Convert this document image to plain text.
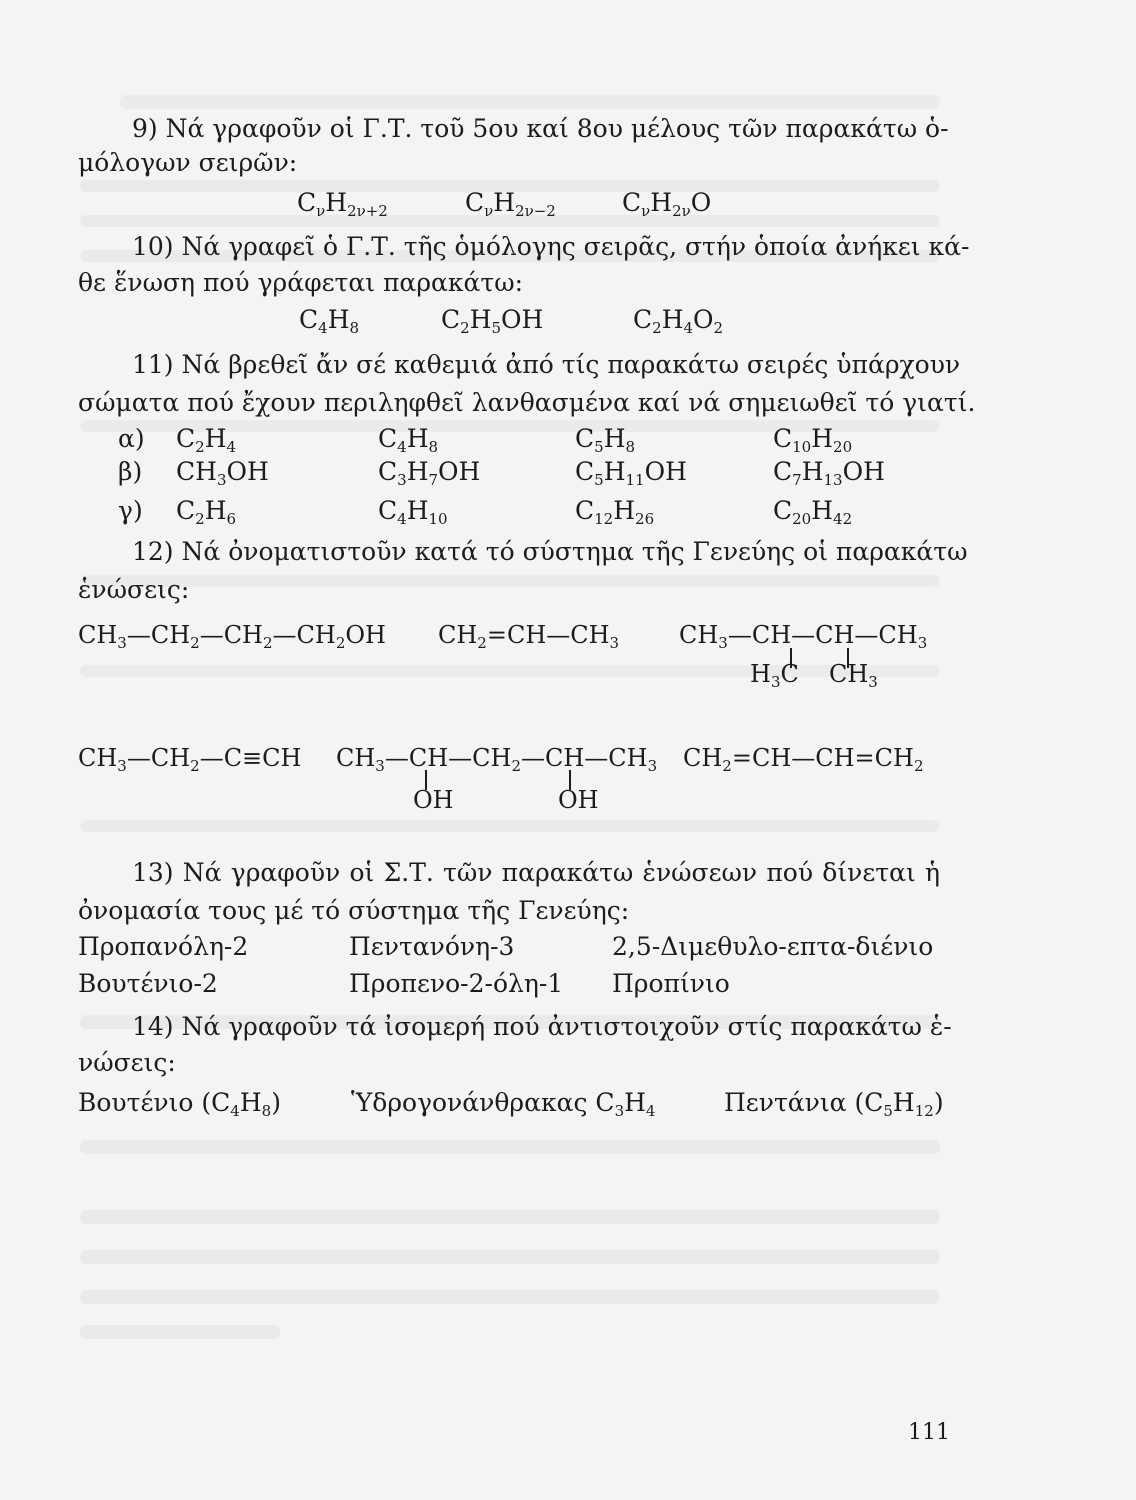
9) Νά γραφοῦν οἱ Γ.Τ. τοῦ 5ου καί 8ου μέλους τῶν παρακάτω ὁ-
μόλογων σειρῶν:
$C_\nu H_{2\nu+2}$	$C_\nu H_{2\nu-2}$	$C_\nu H_{2\nu}O$
10) Νά γραφεῖ ὁ Γ.Τ. τῆς ὁμόλογης σειρᾶς, στήν ὁποία ἀνήκει κά-
θε ἕνωση πού γράφεται παρακάτω:
$C_4H_8$	$C_2H_5OH$	$C_2H_4O_2$
11) Νά βρεθεῖ ἄν σέ καθεμιά ἀπό τίς παρακάτω σειρές ὑπάρχουν
σώματα πού ἔχουν περιληφθεῖ λανθασμένα καί νά σημειωθεῖ τό γιατί.
α) $C_2H_4$	$C_4H_8$	$C_5H_8$	$C_{10}H_{20}$
β) $CH_3OH$	$C_3H_7OH$	$C_5H_{11}OH$	$C_7H_{13}OH$
γ) $C_2H_6$	$C_4H_{10}$	$C_{12}H_{26}$	$C_{20}H_{42}$
12) Νά ὀνοματιστοῦν κατά τό σύστημα τῆς Γενεύης οἱ παρακάτω
ἑνώσεις:
$CH_3—CH_2—CH_2—CH_2OH$ $CH_2=CH—CH_3$ $CH_3—CH—CH—CH_3$
$H_3C$ $CH_3$
$CH_3—CH_2—C\equiv CH$ $CH_3—CH—CH_2—CH—CH_3$
OH	OH
$CH_2=CH—CH=CH_2$
13) Νά γραφοῦν οἱ Σ.Τ. τῶν παρακάτω ἑνώσεων πού δίνεται ἡ
ὀνομασία τους μέ τό σύστημα τῆς Γενεύης:
Προπανόλη-2	Πεντανόνη-3	2,5-Διμεθυλο-επτα-διένιο
Βουτένιο-2	Προπενο-2-όλη-1 Προπίνιο
14) Νά γραφοῦν τά ἰσομερή πού ἀντιστοιχοῦν στίς παρακάτω ἑ-
νώσεις:
Βουτένιο $(C_4H_8)$	Ὑδρογονάνθρακας $C_3H_4$	Πεντάνια $(C_5H_{12})$
111
